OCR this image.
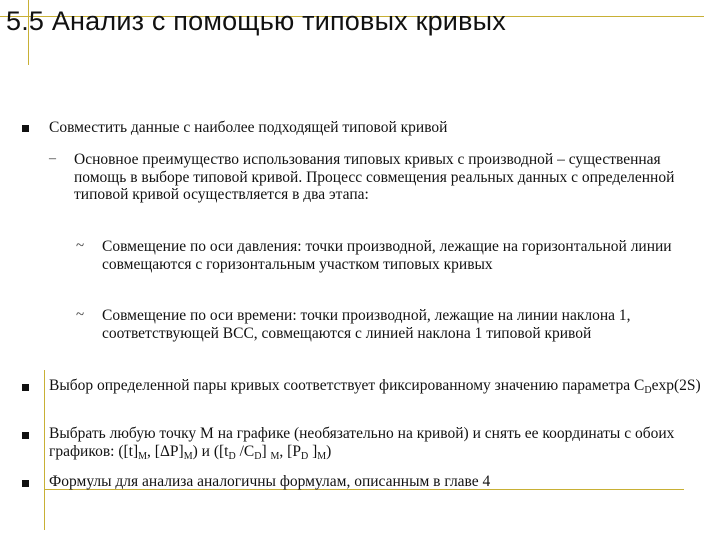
5.5 Анализ с помощью типовых кривых
Совместить данные с наиболее подходящей типовой кривой
– Основное преимущество использования типовых кривых с производной – существенная помощь в выборе типовой кривой. Процесс совмещения реальных данных с определенной типовой кривой осуществляется в два этапа:
~ Совмещение по оси давления: точки производной, лежащие на горизонтальной линии совмещаются с горизонтальным участком типовых кривых
~ Совмещение по оси времени: точки производной, лежащие на линии наклона 1, соответствующей ВСС, совмещаются с линией наклона 1 типовой кривой
Выбор определенной пары кривых соответствует фиксированному значению параметра $C_D\exp(2S)$
Выбрать любую точку M на графике (необязательно на кривой) и снять ее координаты с обоих графиков: ($[t]_M$, $[\Delta P]_M$) и ([$t_D$ $/C_D$] $_M$, [$P_D$ ]$_M$)
Формулы для анализа аналогичны формулам, описанным в главе 4
